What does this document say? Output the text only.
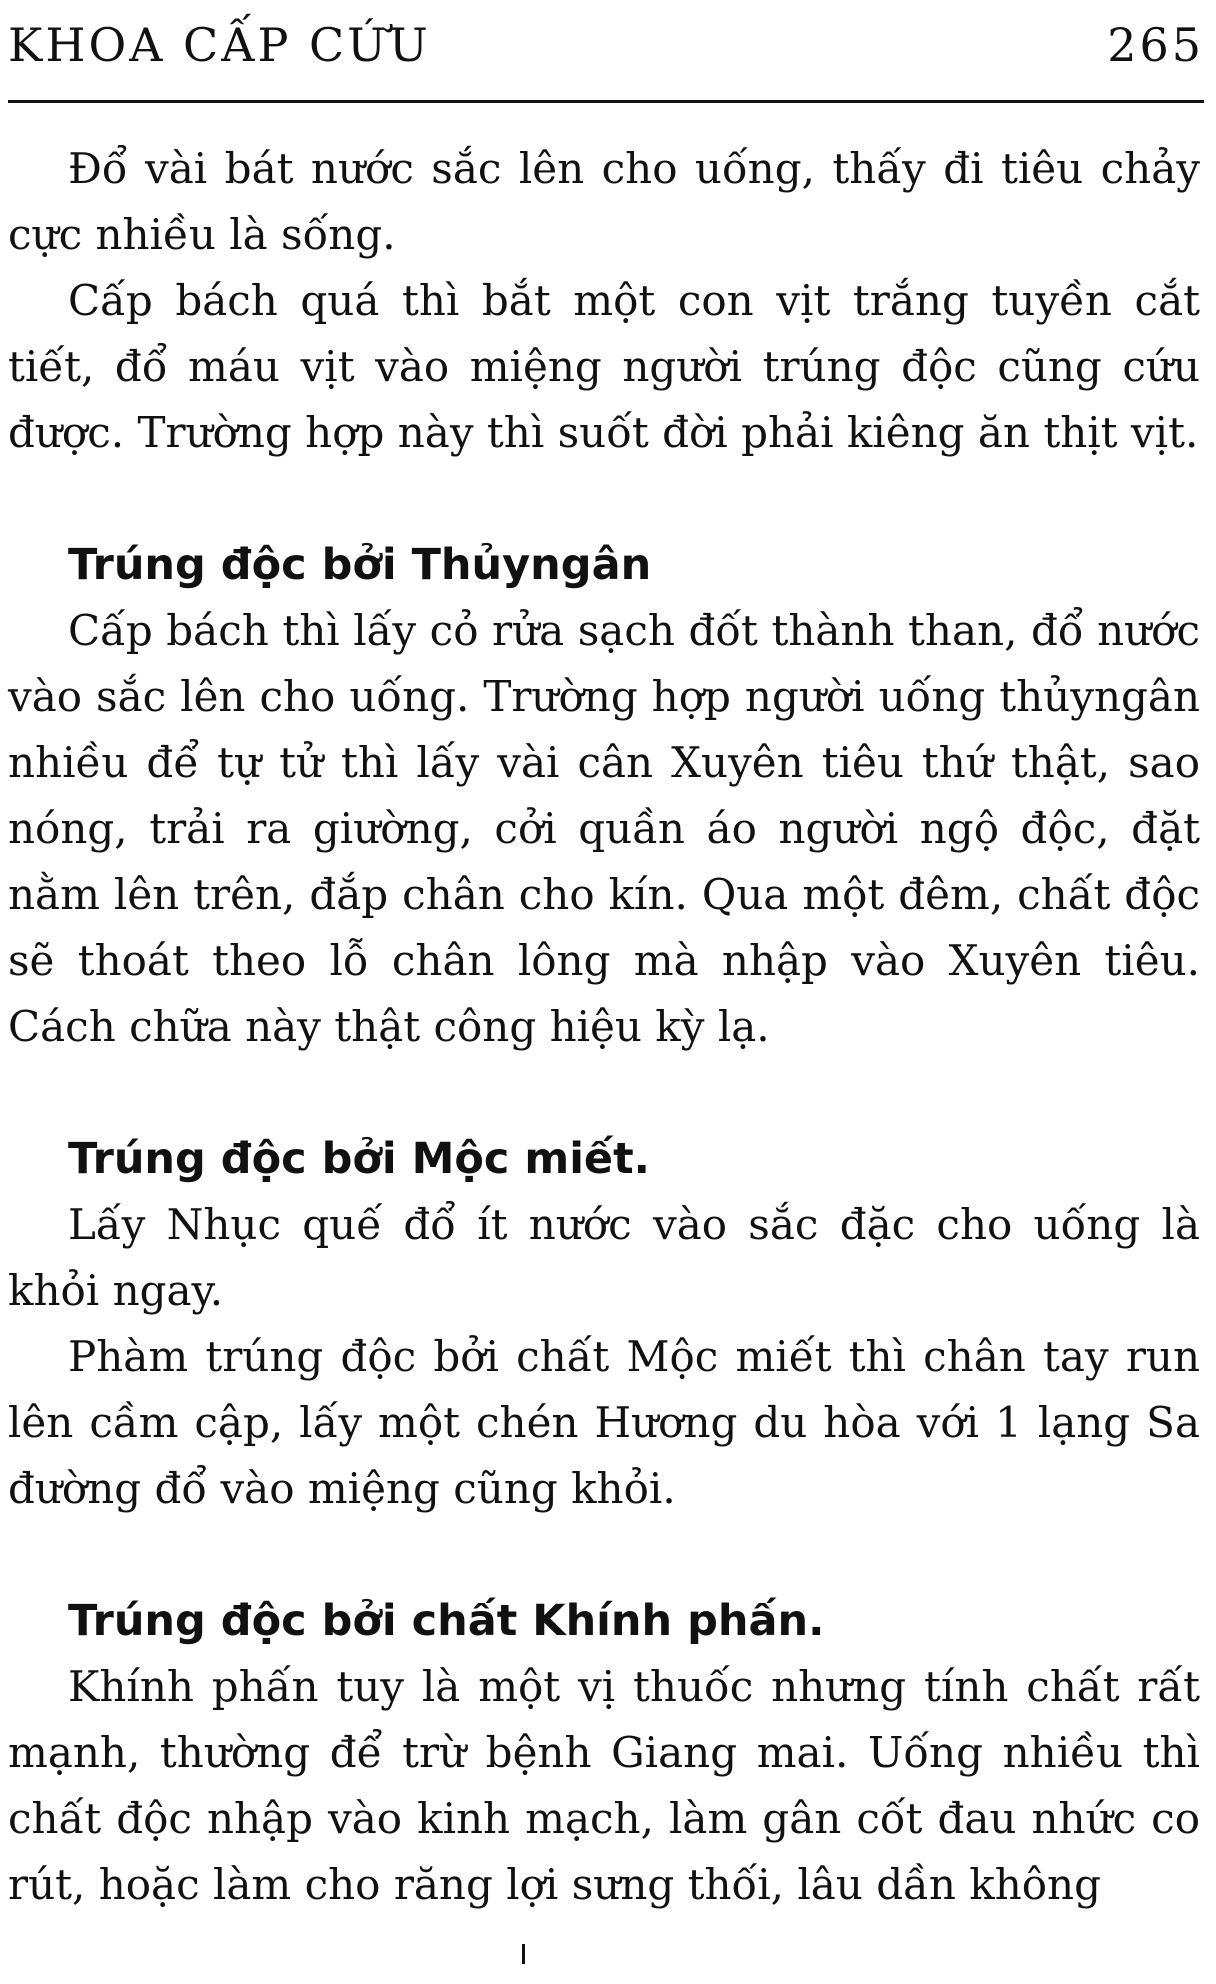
KHOA CẤP CỨU	265

Đổ vài bát nước sắc lên cho uống, thấy đi tiêu chảy cực nhiều là sống.

Cấp bách quá thì bắt một con vịt trắng tuyền cắt tiết, đổ máu vịt vào miệng người trúng độc cũng cứu được. Trường hợp này thì suốt đời phải kiêng ăn thịt vịt.

Trúng độc bởi Thủyngân

Cấp bách thì lấy cỏ rửa sạch đốt thành than, đổ nước vào sắc lên cho uống. Trường hợp người uống thủyngân nhiều để tự tử thì lấy vài cân Xuyên tiêu thứ thật, sao nóng, trải ra giường, cởi quần áo người ngộ độc, đặt nằm lên trên, đắp chân cho kín. Qua một đêm, chất độc sẽ thoát theo lỗ chân lông mà nhập vào Xuyên tiêu. Cách chữa này thật công hiệu kỳ lạ.

Trúng độc bởi Mộc miết.

Lấy Nhục quế đổ ít nước vào sắc đặc cho uống là khỏi ngay.

Phàm trúng độc bởi chất Mộc miết thì chân tay run lên cầm cập, lấy một chén Hương du hòa với 1 lạng Sa đường đổ vào miệng cũng khỏi.

Trúng độc bởi chất Khính phấn.

Khính phấn tuy là một vị thuốc nhưng tính chất rất mạnh, thường để trừ bệnh Giang mai. Uống nhiều thì chất độc nhập vào kinh mạch, làm gân cốt đau nhức co rút, hoặc làm cho răng lợi sưng thối, lâu dần không
